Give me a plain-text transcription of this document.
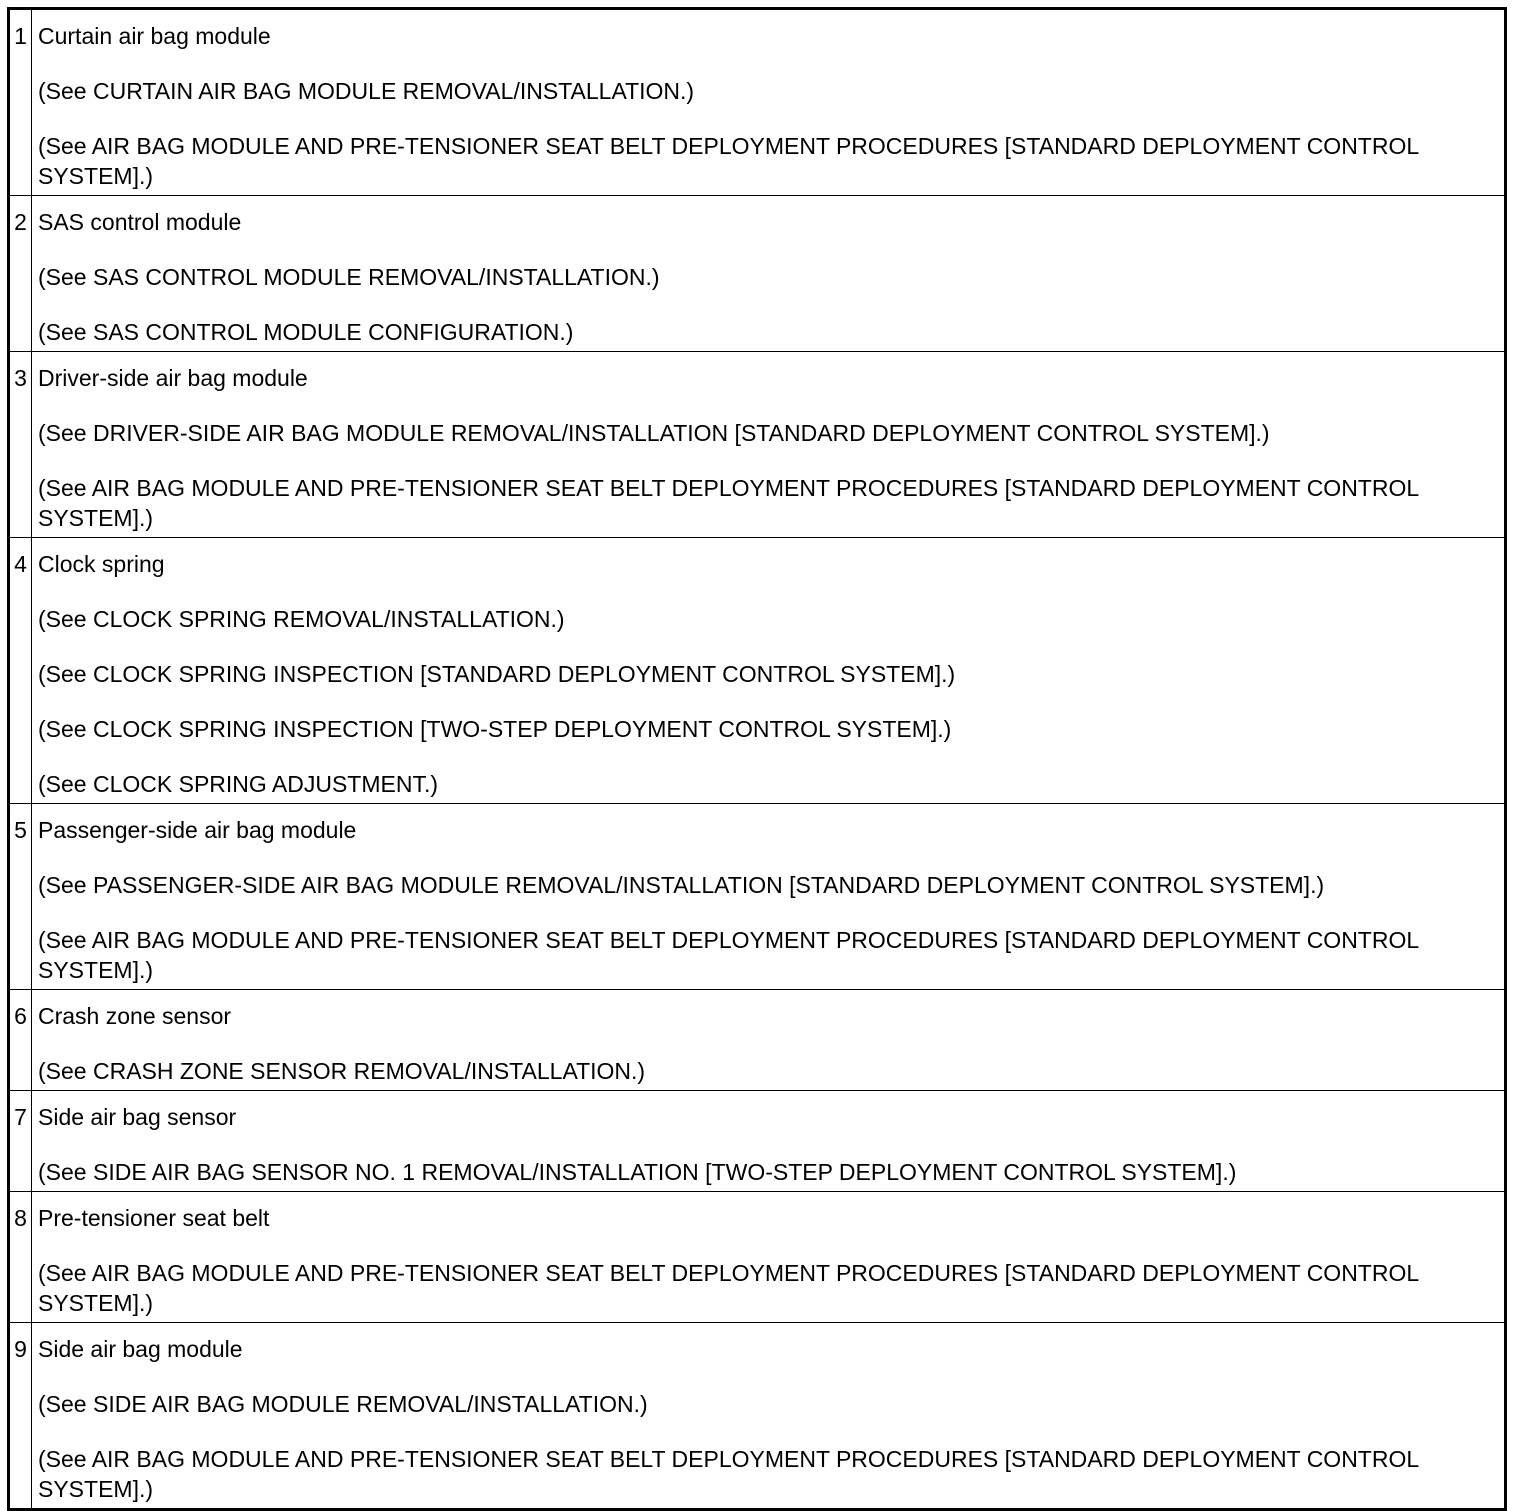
1	Curtain air bag module
(See CURTAIN AIR BAG MODULE REMOVAL/INSTALLATION.)
(See AIR BAG MODULE AND PRE-TENSIONER SEAT BELT DEPLOYMENT PROCEDURES [STANDARD DEPLOYMENT CONTROL SYSTEM].)

2	SAS control module
(See SAS CONTROL MODULE REMOVAL/INSTALLATION.)
(See SAS CONTROL MODULE CONFIGURATION.)

3	Driver-side air bag module
(See DRIVER-SIDE AIR BAG MODULE REMOVAL/INSTALLATION [STANDARD DEPLOYMENT CONTROL SYSTEM].)
(See AIR BAG MODULE AND PRE-TENSIONER SEAT BELT DEPLOYMENT PROCEDURES [STANDARD DEPLOYMENT CONTROL SYSTEM].)

4	Clock spring
(See CLOCK SPRING REMOVAL/INSTALLATION.)
(See CLOCK SPRING INSPECTION [STANDARD DEPLOYMENT CONTROL SYSTEM].)
(See CLOCK SPRING INSPECTION [TWO-STEP DEPLOYMENT CONTROL SYSTEM].)
(See CLOCK SPRING ADJUSTMENT.)

5	Passenger-side air bag module
(See PASSENGER-SIDE AIR BAG MODULE REMOVAL/INSTALLATION [STANDARD DEPLOYMENT CONTROL SYSTEM].)
(See AIR BAG MODULE AND PRE-TENSIONER SEAT BELT DEPLOYMENT PROCEDURES [STANDARD DEPLOYMENT CONTROL SYSTEM].)

6	Crash zone sensor
(See CRASH ZONE SENSOR REMOVAL/INSTALLATION.)

7	Side air bag sensor
(See SIDE AIR BAG SENSOR NO. 1 REMOVAL/INSTALLATION [TWO-STEP DEPLOYMENT CONTROL SYSTEM].)

8	Pre-tensioner seat belt
(See AIR BAG MODULE AND PRE-TENSIONER SEAT BELT DEPLOYMENT PROCEDURES [STANDARD DEPLOYMENT CONTROL SYSTEM].)

9	Side air bag module
(See SIDE AIR BAG MODULE REMOVAL/INSTALLATION.)
(See AIR BAG MODULE AND PRE-TENSIONER SEAT BELT DEPLOYMENT PROCEDURES [STANDARD DEPLOYMENT CONTROL SYSTEM].)
